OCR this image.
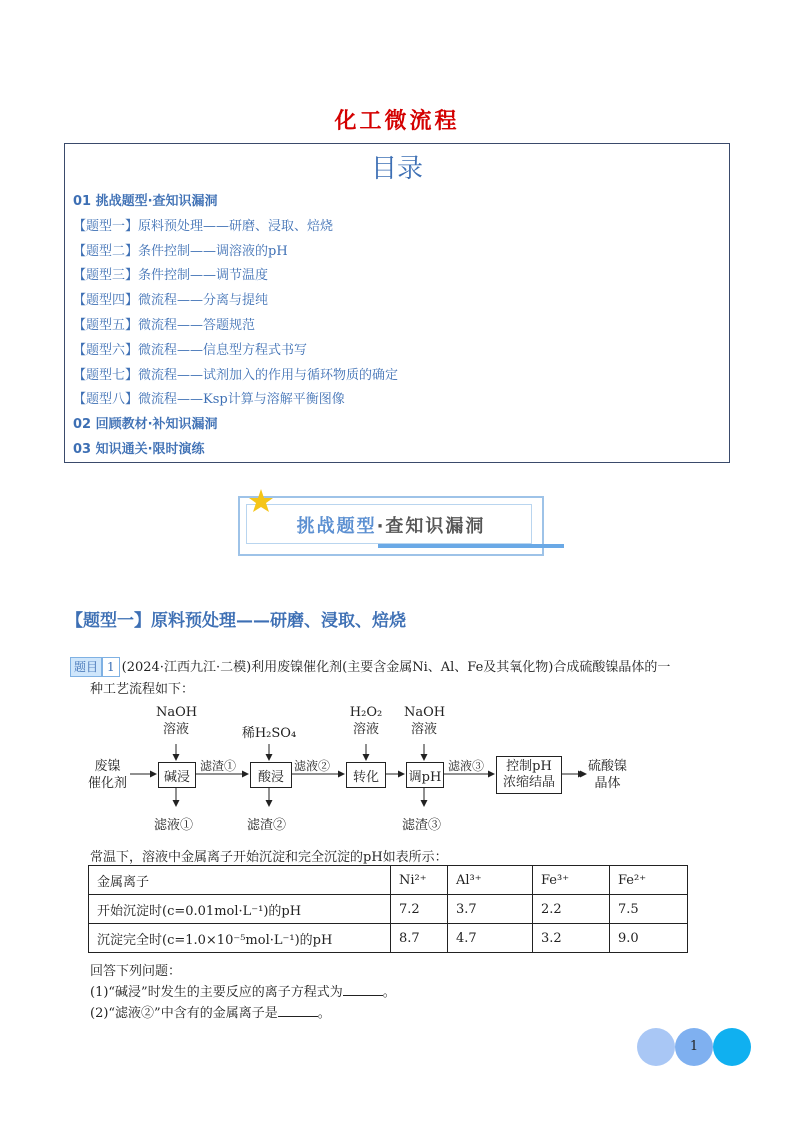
化工微流程
目录
01 挑战题型·查知识漏洞
【题型一】原料预处理——研磨、浸取、焙烧
【题型二】条件控制——调溶液的pH
【题型三】条件控制——调节温度
【题型四】微流程——分离与提纯
【题型五】微流程——答题规范
【题型六】微流程——信息型方程式书写
【题型七】微流程——试剂加入的作用与循环物质的确定
【题型八】微流程——Ksp计算与溶解平衡图像
02 回顾教材·补知识漏洞
03 知识通关·限时演练
挑战题型·查知识漏洞
【题型一】原料预处理——研磨、浸取、焙烧
题目 1 (2024·江西九江·二模)利用废镍催化剂(主要含金属Ni、Al、Fe及其氧化物)合成硫酸镍晶体的一
种工艺流程如下：
废镍
催化剂
NaOH
溶液	稀H₂SO₄
H₂O₂
溶液
NaOH
溶液
碱浸	酸浸	转化	调pH
控制pH
浓缩结晶
滤渣①	滤液②	滤液③
滤液①	滤渣②	滤渣③
硫酸镍
晶体
常温下，溶液中金属离子开始沉淀和完全沉淀的pH如表所示：
金属离子	Ni²⁺	Al³⁺	Fe³⁺	Fe²⁺
开始沉淀时(c=0.01mol·L⁻¹)的pH	7.2	3.7	2.2	7.5
沉淀完全时(c=1.0×10⁻⁵mol·L⁻¹)的pH	8.7	4.7	3.2	9.0
回答下列问题：
(1)“碱浸”时发生的主要反应的离子方程式为	。
(2)“滤液②”中含有的金属离子是	。
1
